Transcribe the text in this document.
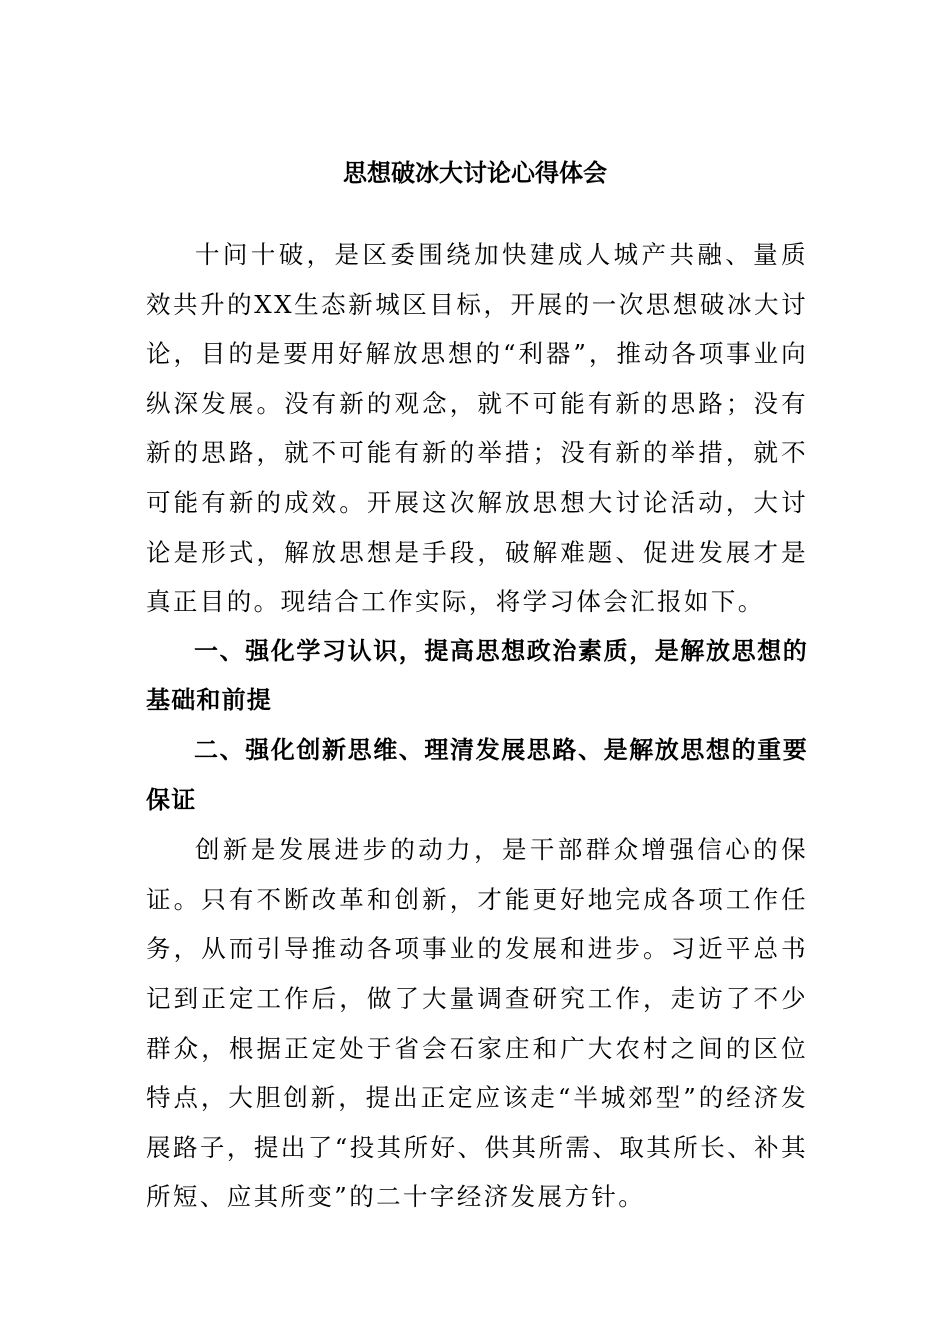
思想破冰大讨论心得体会

十问十破，是区委围绕加快建成人城产共融、量质效共升的XX生态新城区目标，开展的一次思想破冰大讨论，目的是要用好解放思想的“利器”，推动各项事业向纵深发展。没有新的观念，就不可能有新的思路；没有新的思路，就不可能有新的举措；没有新的举措，就不可能有新的成效。开展这次解放思想大讨论活动，大讨论是形式，解放思想是手段，破解难题、促进发展才是真正目的。现结合工作实际，将学习体会汇报如下。

一、强化学习认识，提高思想政治素质，是解放思想的基础和前提

二、强化创新思维、理清发展思路、是解放思想的重要保证

创新是发展进步的动力，是干部群众增强信心的保证。只有不断改革和创新，才能更好地完成各项工作任务，从而引导推动各项事业的发展和进步。习近平总书记到正定工作后，做了大量调查研究工作，走访了不少群众，根据正定处于省会石家庄和广大农村之间的区位特点，大胆创新，提出正定应该走“半城郊型”的经济发展路子，提出了“投其所好、供其所需、取其所长、补其所短、应其所变”的二十字经济发展方针。
